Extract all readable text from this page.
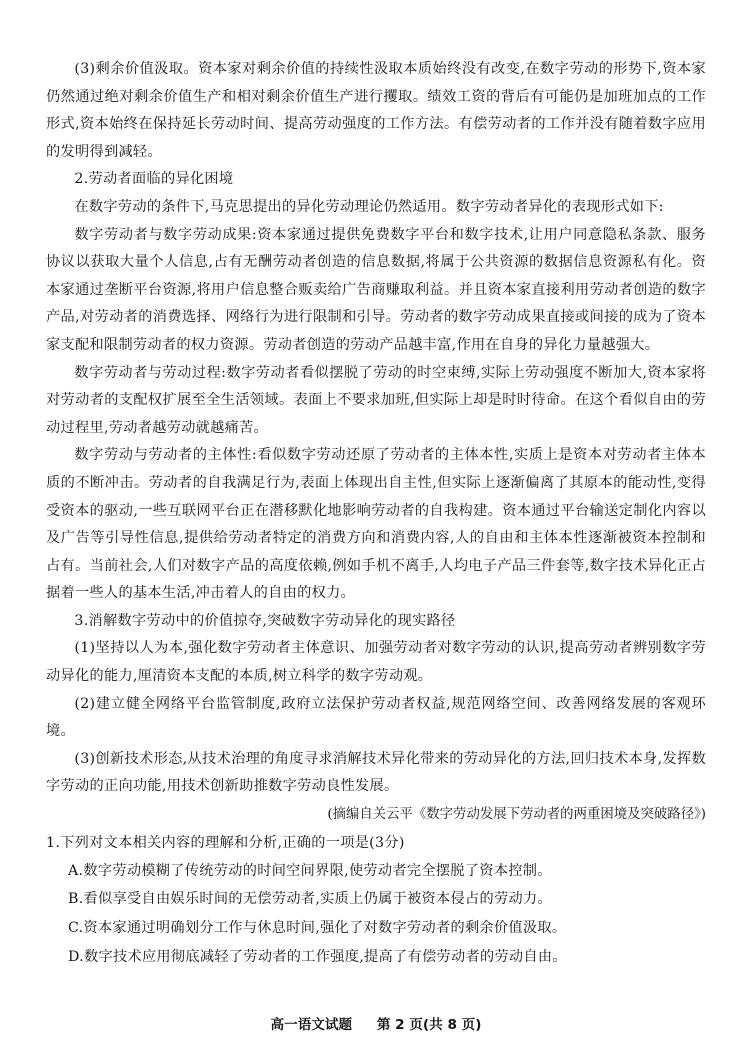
(3)剩余价值汲取。资本家对剩余价值的持续性汲取本质始终没有改变,在数字劳动的形势下,资本家仍然通过绝对剩余价值生产和相对剩余价值生产进行攫取。绩效工资的背后有可能仍是加班加点的工作形式,资本始终在保持延长劳动时间、提高劳动强度的工作方法。有偿劳动者的工作并没有随着数字应用的发明得到减轻。

2.劳动者面临的异化困境

在数字劳动的条件下,马克思提出的异化劳动理论仍然适用。数字劳动者异化的表现形式如下:

数字劳动者与数字劳动成果:资本家通过提供免费数字平台和数字技术,让用户同意隐私条款、服务协议以获取大量个人信息,占有无酬劳动者创造的信息数据,将属于公共资源的数据信息资源私有化。资本家通过垄断平台资源,将用户信息整合贩卖给广告商赚取利益。并且资本家直接利用劳动者创造的数字产品,对劳动者的消费选择、网络行为进行限制和引导。劳动者的数字劳动成果直接或间接的成为了资本家支配和限制劳动者的权力资源。劳动者创造的劳动产品越丰富,作用在自身的异化力量越强大。

数字劳动者与劳动过程:数字劳动者看似摆脱了劳动的时空束缚,实际上劳动强度不断加大,资本家将对劳动者的支配权扩展至全生活领域。表面上不要求加班,但实际上却是时时待命。在这个看似自由的劳动过程里,劳动者越劳动就越痛苦。

数字劳动与劳动者的主体性:看似数字劳动还原了劳动者的主体本性,实质上是资本对劳动者主体本质的不断冲击。劳动者的自我满足行为,表面上体现出自主性,但实际上逐渐偏离了其原本的能动性,变得受资本的驱动,一些互联网平台正在潜移默化地影响劳动者的自我构建。资本通过平台输送定制化内容以及广告等引导性信息,提供给劳动者特定的消费方向和消费内容,人的自由和主体本性逐渐被资本控制和占有。当前社会,人们对数字产品的高度依赖,例如手机不离手,人均电子产品三件套等,数字技术异化正占据着一些人的基本生活,冲击着人的自由的权力。

3.消解数字劳动中的价值掠夺,突破数字劳动异化的现实路径

(1)坚持以人为本,强化数字劳动者主体意识、加强劳动者对数字劳动的认识,提高劳动者辨别数字劳动异化的能力,厘清资本支配的本质,树立科学的数字劳动观。

(2)建立健全网络平台监管制度,政府立法保护劳动者权益,规范网络空间、改善网络发展的客观环境。

(3)创新技术形态,从技术治理的角度寻求消解技术异化带来的劳动异化的方法,回归技术本身,发挥数字劳动的正向功能,用技术创新助推数字劳动良性发展。

(摘编自关云平《数字劳动发展下劳动者的两重困境及突破路径》)

1.下列对文本相关内容的理解和分析,正确的一项是(3分)

A.数字劳动模糊了传统劳动的时间空间界限,使劳动者完全摆脱了资本控制。

B.看似享受自由娱乐时间的无偿劳动者,实质上仍属于被资本侵占的劳动力。

C.资本家通过明确划分工作与休息时间,强化了对数字劳动者的剩余价值汲取。

D.数字技术应用彻底减轻了劳动者的工作强度,提高了有偿劳动者的劳动自由。

高一语文试题 第 2 页(共 8 页)
